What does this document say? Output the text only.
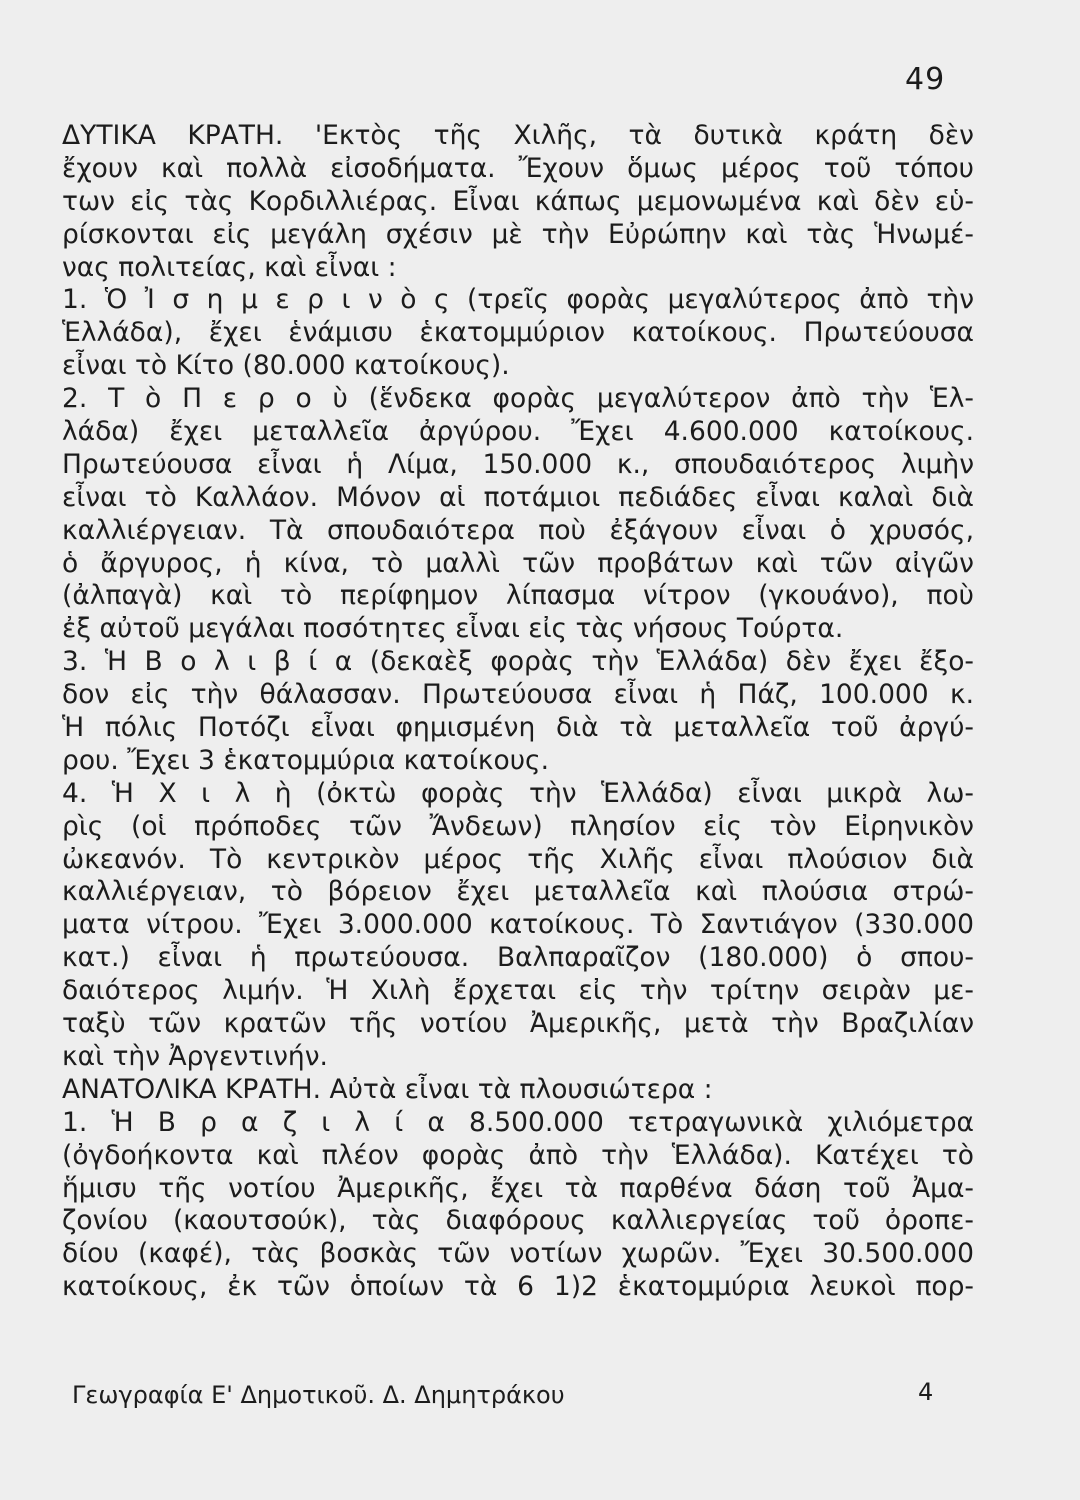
49
ΔΥΤΙΚΑ ΚΡΑΤΗ. 'Εκτὸς τῆς Χιλῆς, τὰ δυτικὰ κράτη δὲν
ἔχουν καὶ πολλὰ εἰσοδήματα. Ἔχουν ὅμως μέρος τοῦ τόπου
των εἰς τὰς Κορδιλλιέρας. Εἶναι κάπως μεμονωμένα καὶ δὲν εὑ-
ρίσκονται εἰς μεγάλη σχέσιν μὲ τὴν Εὐρώπην καὶ τὰς Ἡνωμέ-
νας πολιτείας, καὶ εἶναι :
1. Ὁ Ἰ σ η μ ε ρ ι ν ὸ ς (τρεῖς φορὰς μεγαλύτερος ἀπὸ τὴν
Ἑλλάδα), ἔχει ἑνάμισυ ἑκατομμύριον κατοίκους. Πρωτεύουσα
εἶναι τὸ Κίτο (80.000 κατοίκους).
2. Τ ὸ Π ε ρ ο ὺ (ἕνδεκα φορὰς μεγαλύτερον ἀπὸ τὴν Ἑλ-
λάδα) ἔχει μεταλλεῖα ἀργύρου. Ἔχει 4.600.000 κατοίκους.
Πρωτεύουσα εἶναι ἡ Λίμα, 150.000 κ., σπουδαιότερος λιμὴν
εἶναι τὸ Καλλάον. Μόνον αἱ ποτάμιοι πεδιάδες εἶναι καλαὶ διὰ
καλλιέργειαν. Τὰ σπουδαιότερα ποὺ ἐξάγουν εἶναι ὁ χρυσός,
ὁ ἄργυρος, ἡ κίνα, τὸ μαλλὶ τῶν προβάτων καὶ τῶν αἰγῶν
(ἀλπαγὰ) καὶ τὸ περίφημον λίπασμα νίτρον (γκουάνο), ποὺ
ἐξ αὐτοῦ μεγάλαι ποσότητες εἶναι εἰς τὰς νήσους Τούρτα.
3. Ἡ Β ο λ ι β ί α (δεκαὲξ φορὰς τὴν Ἑλλάδα) δὲν ἔχει ἔξο-
δον εἰς τὴν θάλασσαν. Πρωτεύουσα εἶναι ἡ Πάζ, 100.000 κ.
Ἡ πόλις Ποτόζι εἶναι φημισμένη διὰ τὰ μεταλλεῖα τοῦ ἀργύ-
ρου. Ἔχει 3 ἑκατομμύρια κατοίκους.
4. Ἡ Χ ι λ ὴ (ὀκτὼ φορὰς τὴν Ἑλλάδα) εἶναι μικρὰ λω-
ρὶς (οἱ πρόποδες τῶν Ἄνδεων) πλησίον εἰς τὸν Εἰρηνικὸν
ὠκεανόν. Τὸ κεντρικὸν μέρος τῆς Χιλῆς εἶναι πλούσιον διὰ
καλλιέργειαν, τὸ βόρειον ἔχει μεταλλεῖα καὶ πλούσια στρώ-
ματα νίτρου. Ἔχει 3.000.000 κατοίκους. Τὸ Σαντιάγον (330.000
κατ.) εἶναι ἡ πρωτεύουσα. Βαλπαραῖζον (180.000) ὁ σπου-
δαιότερος λιμήν. Ἡ Χιλὴ ἔρχεται εἰς τὴν τρίτην σειρὰν με-
ταξὺ τῶν κρατῶν τῆς νοτίου Ἀμερικῆς, μετὰ τὴν Βραζιλίαν
καὶ τὴν Ἀργεντινήν.
ΑΝΑΤΟΛΙΚΑ ΚΡΑΤΗ. Αὐτὰ εἶναι τὰ πλουσιώτερα :
1. Ἡ Β ρ α ζ ι λ ί α 8.500.000 τετραγωνικὰ χιλιόμετρα
(ὀγδοήκοντα καὶ πλέον φορὰς ἀπὸ τὴν Ἑλλάδα). Κατέχει τὸ
ἥμισυ τῆς νοτίου Ἀμερικῆς, ἔχει τὰ παρθένα δάση τοῦ Ἀμα-
ζονίου (καουτσούκ), τὰς διαφόρους καλλιεργείας τοῦ ὀροπε-
δίου (καφέ), τὰς βοσκὰς τῶν νοτίων χωρῶν. Ἔχει 30.500.000
κατοίκους, ἐκ τῶν ὁποίων τὰ 6 1)2 ἑκατομμύρια λευκοὶ πορ-
Γεωγραφία Ε' Δημοτικοῦ. Δ. Δημητράκου	4
